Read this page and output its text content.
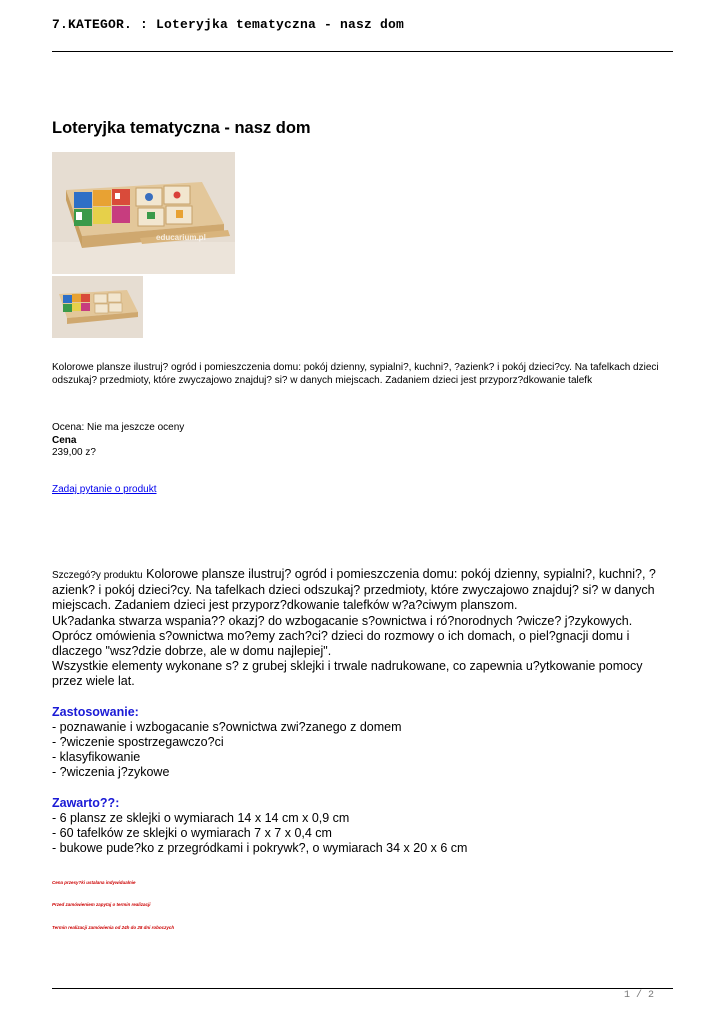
7.KATEGOR. : Loteryjka tematyczna - nasz dom
Loteryjka tematyczna - nasz dom
educarium.pl
Kolorowe plansze ilustruj? ogród i pomieszczenia domu: pokój dzienny, sypialni?, kuchni?, ?azienk? i pokój dzieci?cy. Na tafelkach dzieci odszukaj? przedmioty, które zwyczajowo znajduj? si? w danych miejscach. Zadaniem dzieci jest przyporz?dkowanie talefk
Ocena: Nie ma jeszcze oceny
Cena
239,00 z?
Zadaj pytanie o produkt

Szczegó?y produktu Kolorowe plansze ilustruj? ogród i pomieszczenia domu: pokój dzienny, sypialni?, kuchni?, ?azienk? i pokój dzieci?cy. Na tafelkach dzieci odszukaj? przedmioty, które zwyczajowo znajduj? si? w danych miejscach. Zadaniem dzieci jest przyporz?dkowanie talefków w?a?ciwym planszom.

Uk?adanka stwarza wspania?? okazj? do wzbogacanie s?ownictwa i ró?norodnych ?wicze? j?zykowych. Oprócz omówienia s?ownictwa mo?emy zach?ci? dzieci do rozmowy o ich domach, o piel?gnacji domu i dlaczego "wsz?dzie dobrze, ale w domu najlepiej".

Wszystkie elementy wykonane s? z grubej sklejki i trwale nadrukowane, co zapewnia u?ytkowanie pomocy przez wiele lat.

Zastosowanie:
- poznawanie i wzbogacanie s?ownictwa zwi?zanego z domem
- ?wiczenie spostrzegawczo?ci
- klasyfikowanie
- ?wiczenia j?zykowe
Zawarto??:
- 6 plansz ze sklejki o wymiarach 14 x 14 cm x 0,9 cm
- 60 tafelków ze sklejki o wymiarach 7 x 7 x 0,4 cm
- bukowe pude?ko z przegródkami i pokrywk?, o wymiarach 34 x 20 x 6 cm
Cena przesy?ki ustalana indywidualnie
Przed zamówieniem zapytaj o termin realizacji
Termin realizacji zamówienia od 24h do 28 dni roboczych
1 / 2
